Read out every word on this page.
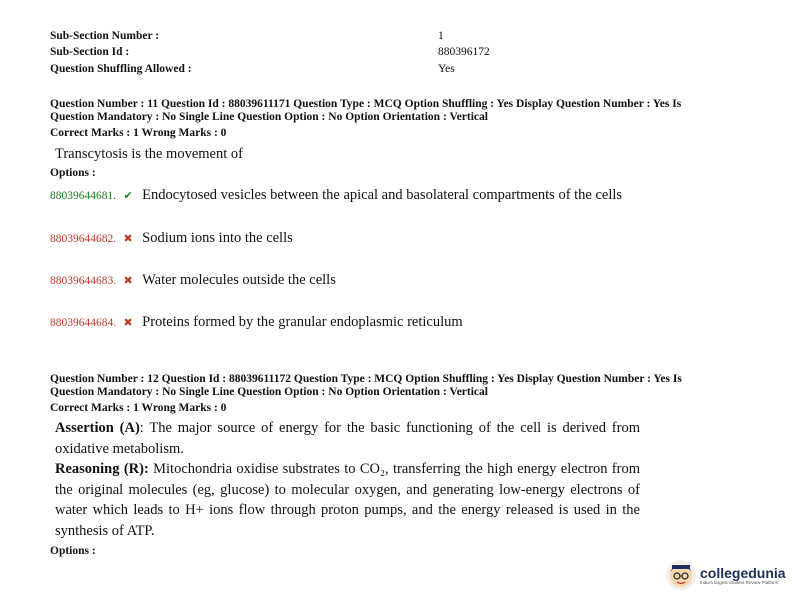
Sub-Section Number :	1
Sub-Section Id :	880396172
Question Shuffling Allowed :	Yes
Question Number : 11 Question Id : 88039611171 Question Type : MCQ Option Shuffling : Yes Display Question Number : Yes Is
Question Mandatory : No Single Line Question Option : No Option Orientation : Vertical
Correct Marks : 1 Wrong Marks : 0
Transcytosis is the movement of
Options :
88039644681. ✔ Endocytosed vesicles between the apical and basolateral compartments of the cells
88039644682. ✖ Sodium ions into the cells
88039644683. ✖ Water molecules outside the cells
88039644684. ✖ Proteins formed by the granular endoplasmic reticulum
Question Number : 12 Question Id : 88039611172 Question Type : MCQ Option Shuffling : Yes Display Question Number : Yes Is
Question Mandatory : No Single Line Question Option : No Option Orientation : Vertical
Correct Marks : 1 Wrong Marks : 0
Assertion (A): The major source of energy for the basic functioning of the cell is derived from oxidative metabolism.
Reasoning (R): Mitochondria oxidise substrates to CO₂, transferring the high energy electron from the original molecules (eg, glucose) to molecular oxygen, and generating low-energy electrons of water which leads to H+ ions flow through proton pumps, and the energy released is used in the synthesis of ATP.
Options :
collegedunia
India's largest Student Review Platform
